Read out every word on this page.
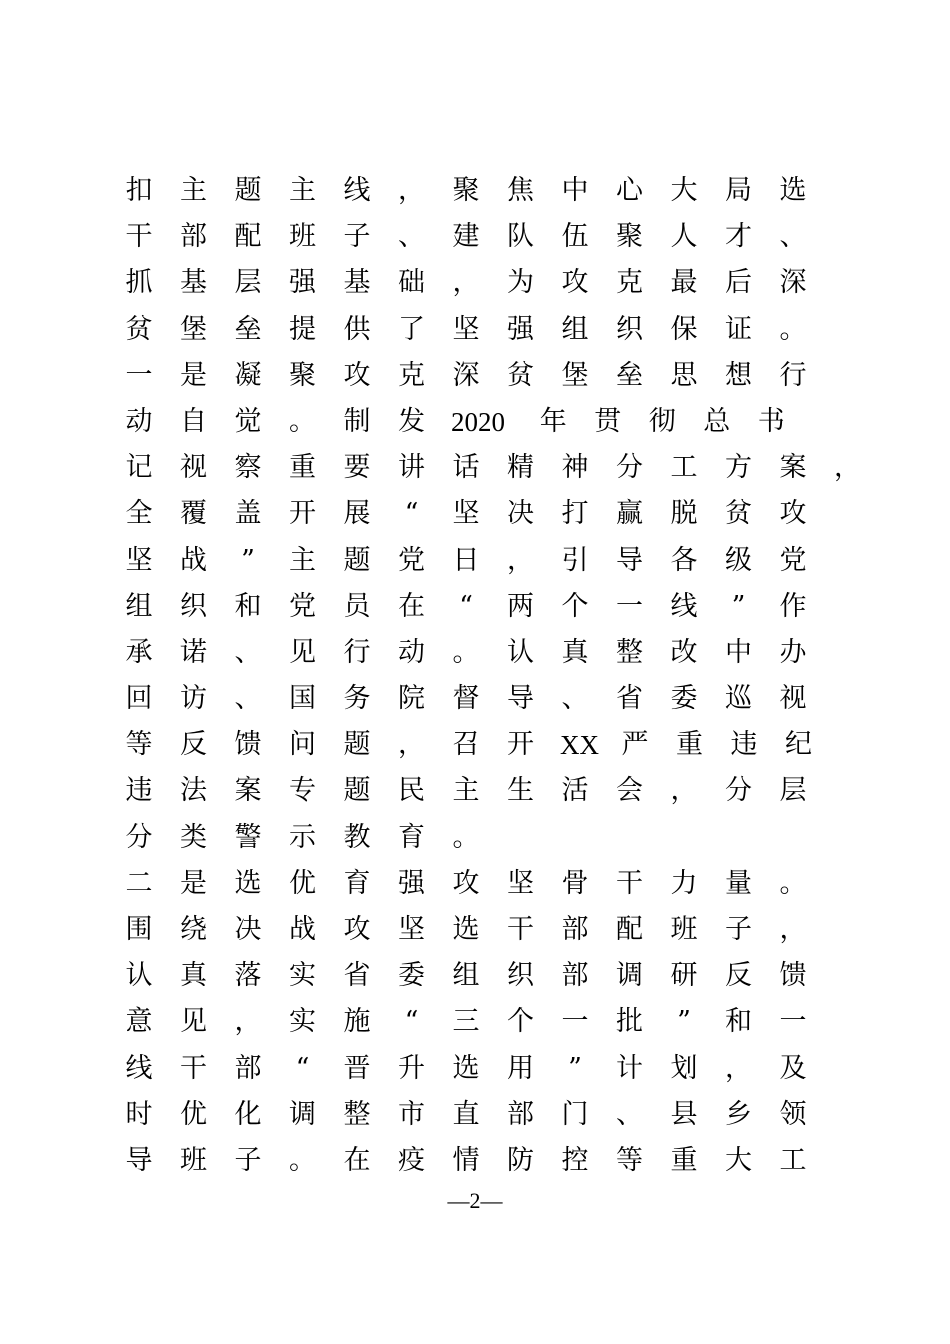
扣 主 题 主 线 ， 聚 焦 中 心 大 局 选
干 部 配 班 子 、 建 队 伍 聚 人 才 、
抓 基 层 强 基 础 ， 为 攻 克 最 后 深
贫 堡 垒 提 供 了 坚 强 组 织 保 证 。
一 是 凝 聚 攻 克 深 贫 堡 垒 思 想 行
动 自 觉 。 制 发 2020 年 贯 彻 总 书
记 视 察 重 要 讲 话 精 神 分 工 方 案 ，
全 覆 盖 开 展 “ 坚 决 打 赢 脱 贫 攻
坚 战 ” 主 题 党 日 ， 引 导 各 级 党
组 织 和 党 员 在 “ 两 个 一 线 ” 作
承 诺 、 见 行 动 。 认 真 整 改 中 办
回 访 、 国 务 院 督 导 、 省 委 巡 视
等 反 馈 问 题 ， 召 开 XX 严 重 违 纪
违 法 案 专 题 民 主 生 活 会 ， 分 层
分 类 警 示 教 育 。
二 是 选 优 育 强 攻 坚 骨 干 力 量 。
围 绕 决 战 攻 坚 选 干 部 配 班 子 ，
认 真 落 实 省 委 组 织 部 调 研 反 馈
意 见 ， 实 施 “ 三 个 一 批 ” 和 一
线 干 部 “ 晋 升 选 用 ” 计 划 ， 及
时 优 化 调 整 市 直 部 门 、 县 乡 领
导 班 子 。 在 疫 情 防 控 等 重 大 工
—2—
